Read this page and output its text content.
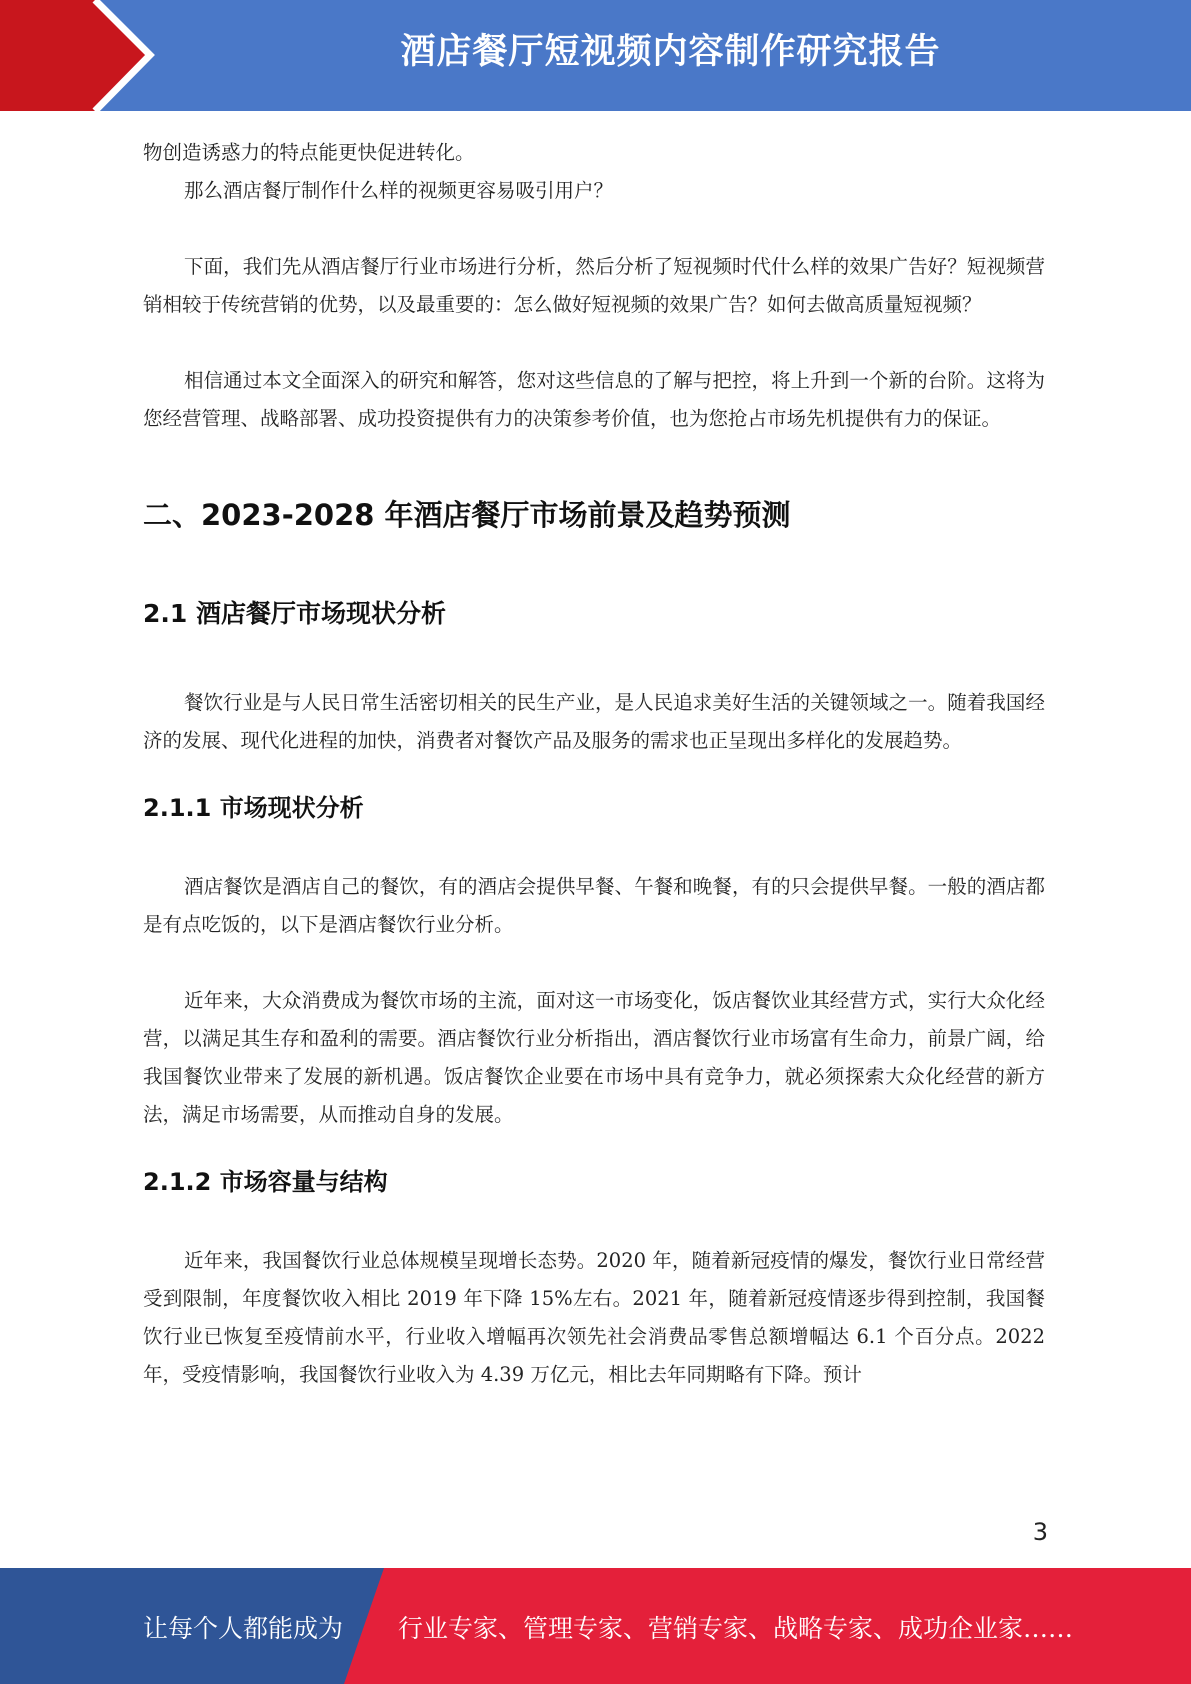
酒店餐厅短视频内容制作研究报告

物创造诱惑力的特点能更快促进转化。

那么酒店餐厅制作什么样的视频更容易吸引用户？

下面，我们先从酒店餐厅行业市场进行分析，然后分析了短视频时代什么样的效果广告好？短视频营销相较于传统营销的优势，以及最重要的：怎么做好短视频的效果广告？如何去做高质量短视频？

相信通过本文全面深入的研究和解答，您对这些信息的了解与把控，将上升到一个新的台阶。这将为您经营管理、战略部署、成功投资提供有力的决策参考价值，也为您抢占市场先机提供有力的保证。

二、2023-2028 年酒店餐厅市场前景及趋势预测
2.1 酒店餐厅市场现状分析

餐饮行业是与人民日常生活密切相关的民生产业，是人民追求美好生活的关键领域之一。随着我国经济的发展、现代化进程的加快，消费者对餐饮产品及服务的需求也正呈现出多样化的发展趋势。

2.1.1 市场现状分析

酒店餐饮是酒店自己的餐饮，有的酒店会提供早餐、午餐和晚餐，有的只会提供早餐。一般的酒店都是有点吃饭的，以下是酒店餐饮行业分析。

近年来，大众消费成为餐饮市场的主流，面对这一市场变化，饭店餐饮业其经营方式，实行大众化经营，以满足其生存和盈利的需要。酒店餐饮行业分析指出，酒店餐饮行业市场富有生命力，前景广阔，给我国餐饮业带来了发展的新机遇。饭店餐饮企业要在市场中具有竞争力，就必须探索大众化经营的新方法，满足市场需要，从而推动自身的发展。

2.1.2 市场容量与结构

近年来，我国餐饮行业总体规模呈现增长态势。2020 年，随着新冠疫情的爆发，餐饮行业日常经营受到限制，年度餐饮收入相比 2019 年下降 15%左右。2021 年，随着新冠疫情逐步得到控制，我国餐饮行业已恢复至疫情前水平，行业收入增幅再次领先社会消费品零售总额增幅达 6.1 个百分点。2022 年，受疫情影响，我国餐饮行业收入为 4.39 万亿元，相比去年同期略有下降。预计

3
让每个人都能成为 行业专家、管理专家、营销专家、战略专家、成功企业家……
